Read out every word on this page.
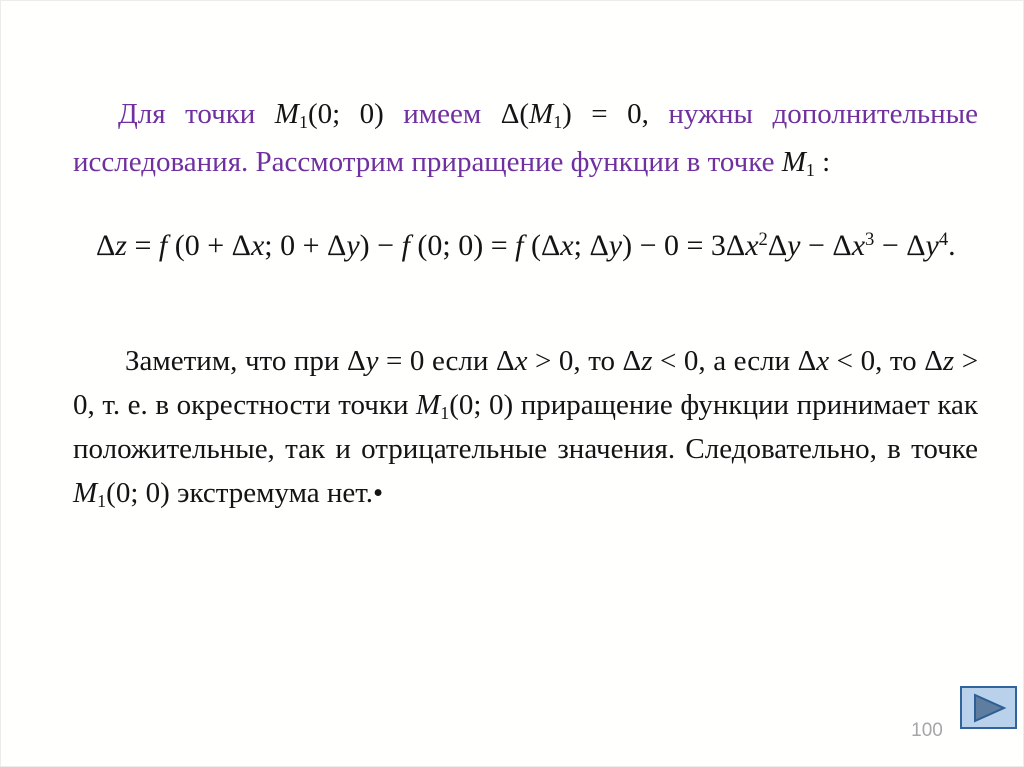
Для точки M1(0; 0) имеем Δ(M1) = 0, нужны дополнительные исследования. Рассмотрим приращение функции в точке M1 :

Δz = f (0 + Δx; 0 + Δy) − f (0; 0) = f (Δx; $\Delta y) - 0 = 3\Delta x^2\Delta y - \Delta x^3 - \Delta y^4$.

Заметим, что при Δy = 0 если Δx > 0, то Δz < 0, а если Δx < 0, то Δz > 0, т. е. в окрестности точки M1(0; 0) приращение функции принимает как положительные, так и отрицательные значения. Следовательно, в точке M1(0; 0) экстремума нет.•

100
